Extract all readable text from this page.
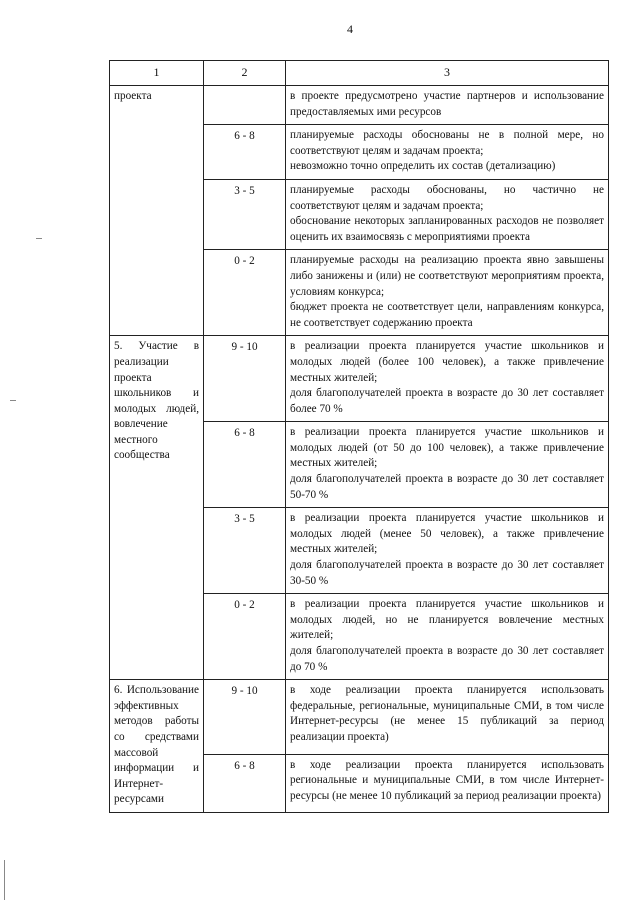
4
1	2	3
проекта		в проекте предусмотрено участие партнеров и использование предоставляемых ими ресурсов

	6 - 8	планируемые расходы обоснованы не в полной мере, но соответствуют целям и задачам проекта;
невозможно точно определить их состав (детализацию)

	3 - 5	планируемые расходы обоснованы, но частично не соответствуют целям и задачам проекта;
обоснование некоторых запланированных расходов не позволяет оценить их взаимосвязь с мероприятиями проекта

	0 - 2	планируемые расходы на реализацию проекта явно завышены либо занижены и (или) не соответствуют мероприятиям проекта, условиям конкурса;
бюджет проекта не соответствует цели, направлениям конкурса, не соответствует содержанию проекта

5. Участие в реализации проекта школьников и молодых людей, вовлечение местного сообщества	9 - 10	в реализации проекта планируется участие школьников и молодых людей (более 100 человек), а также привлечение местных жителей;
доля благополучателей проекта в возрасте до 30 лет составляет более 70 %

	6 - 8	в реализации проекта планируется участие школьников и молодых людей (от 50 до 100 человек), а также привлечение местных жителей;
доля благополучателей проекта в возрасте до 30 лет составляет 50-70 %

	3 - 5	в реализации проекта планируется участие школьников и молодых людей (менее 50 человек), а также привлечение местных жителей;
доля благополучателей проекта в возрасте до 30 лет составляет 30-50 %

	0 - 2	в реализации проекта планируется участие школьников и молодых людей, но не планируется вовлечение местных жителей;
доля благополучателей проекта в возрасте до 30 лет составляет до 70 %

6. Использование эффективных методов работы со средствами массовой информации и Интернет-ресурсами	9 - 10	в ходе реализации проекта планируется использовать федеральные, региональные, муниципальные СМИ, в том числе Интернет-ресурсы (не менее 15 публикаций за период реализации проекта)

	6 - 8	в ходе реализации проекта планируется использовать региональные и муниципальные СМИ, в том числе Интернет-ресурсы (не менее 10 публикаций за период реализации проекта)
